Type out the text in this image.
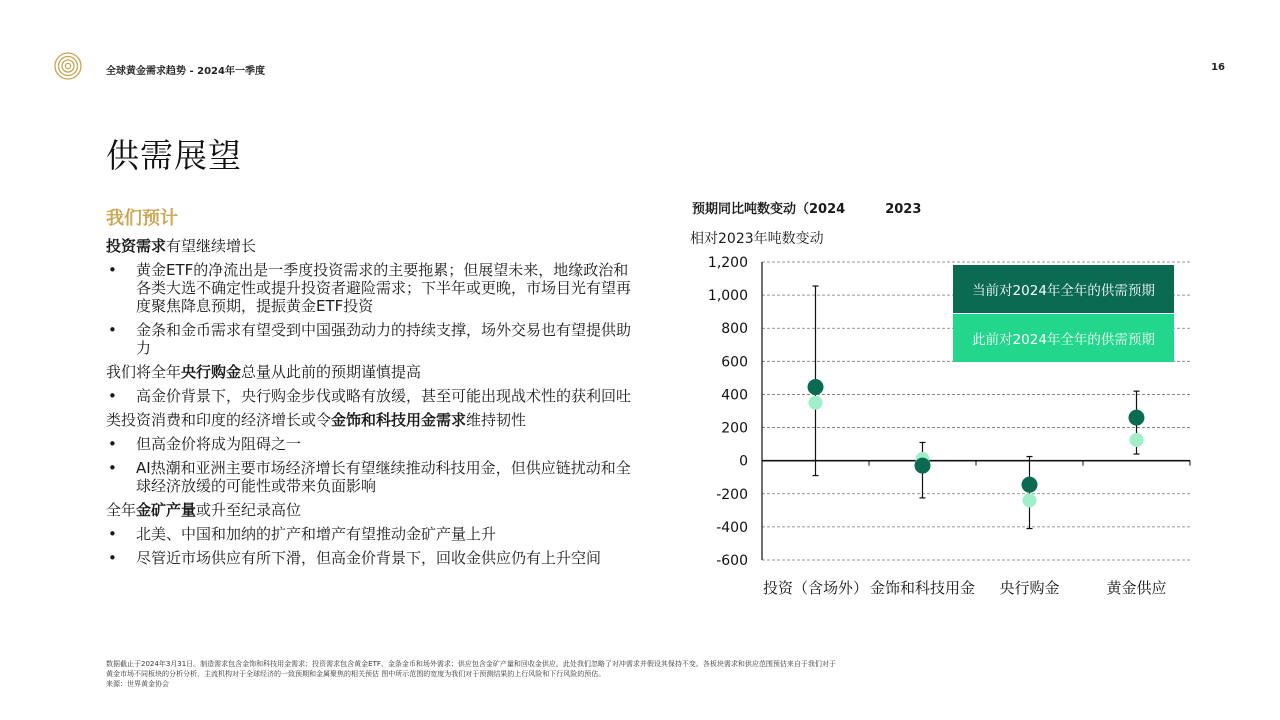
全球黄金需求趋势 - 2024年一季度	16
供需展望
我们预计
投资需求有望继续增长
• 黄金ETF的净流出是一季度投资需求的主要拖累；但展望未来，地缘政治和各类大选不确定性或提升投资者避险需求；下半年或更晚，市场目光有望再度聚焦降息预期，提振黄金ETF投资
• 金条和金币需求有望受到中国强劲动力的持续支撑，场外交易也有望提供助力
我们将全年央行购金总量从此前的预期谨慎提高
• 高金价背景下，央行购金步伐或略有放缓，甚至可能出现战术性的获利回吐
类投资消费和印度的经济增长或令金饰和科技用金需求维持韧性
• 但高金价将成为阻碍之一
• AI热潮和亚洲主要市场经济增长有望继续推动科技用金，但供应链扰动和全球经济放缓的可能性或带来负面影响
全年金矿产量或升至纪录高位
• 北美、中国和加纳的扩产和增产有望推动金矿产量上升
• 尽管近市场供应有所下滑，但高金价背景下，回收金供应仍有上升空间
预期同比吨数变动（2024	2023
相对2023年吨数变动
1,200
1,000
800
600
400
200
0
-200
-400
-600
投资（含场外） 金饰和科技用金 央行购金	黄金供应
当前对2024年全年的供需预期
此前对2024年全年的供需预期
数据截止于2024年3月31日。制造需求包含金饰和科技用金需求；投资需求包含黄金ETF、金条金币和场外需求；供应包含金矿产量和回收金供应。此处我们忽略了对冲需求并假设其保持不变。各板块需求和供应范围预估来自于我们对于
黄金市场不同板块的分析分析，主流机构对于全球经济的一致预期和金属聚焦的相关预估 图中所示范围的宽度为我们对于预测结果的上行风险和下行风险的预估。
来源：世界黄金协会
